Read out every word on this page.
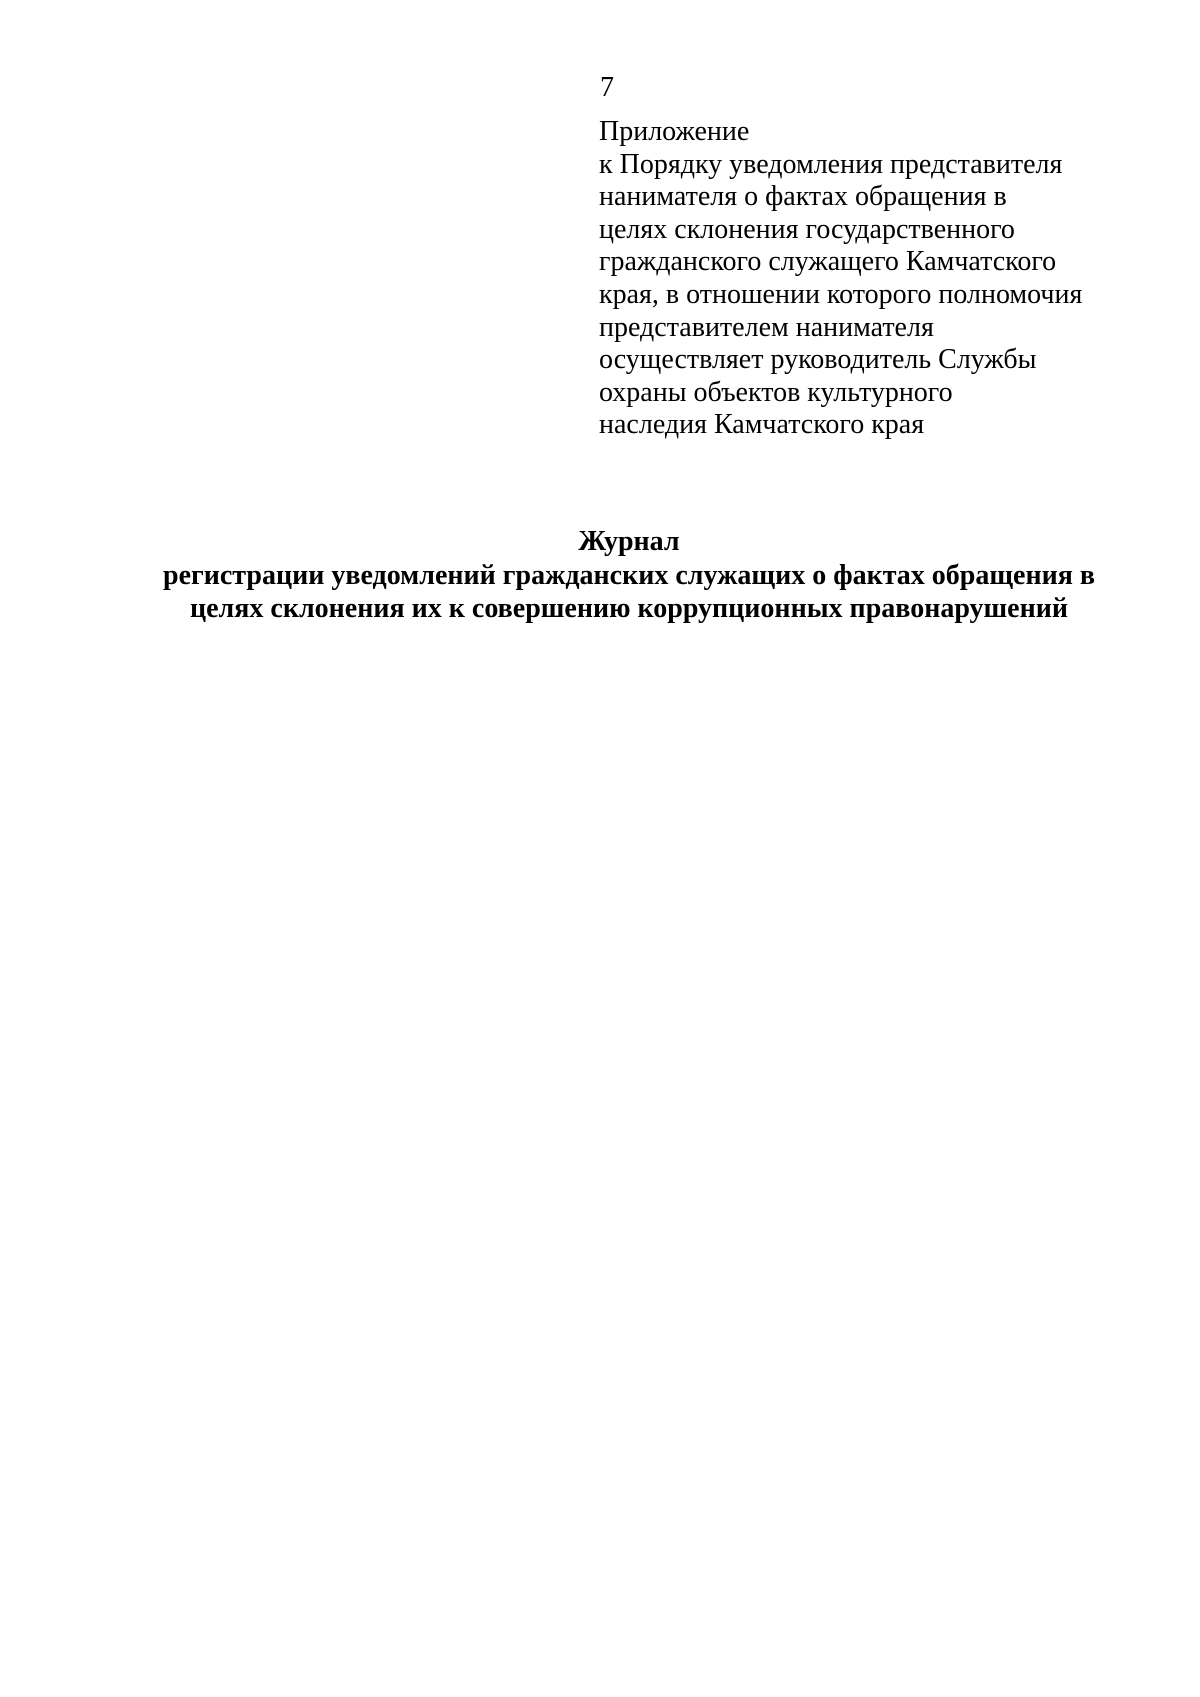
7
Приложение
к Порядку уведомления представителя
нанимателя о фактах обращения в
целях склонения государственного
гражданского служащего Камчатского
края, в отношении которого полномочия
представителем нанимателя
осуществляет руководитель Службы
охраны объектов культурного
наследия Камчатского края
Журнал
регистрации уведомлений гражданских служащих о фактах обращения в
целях склонения их к совершению коррупционных правонарушений
